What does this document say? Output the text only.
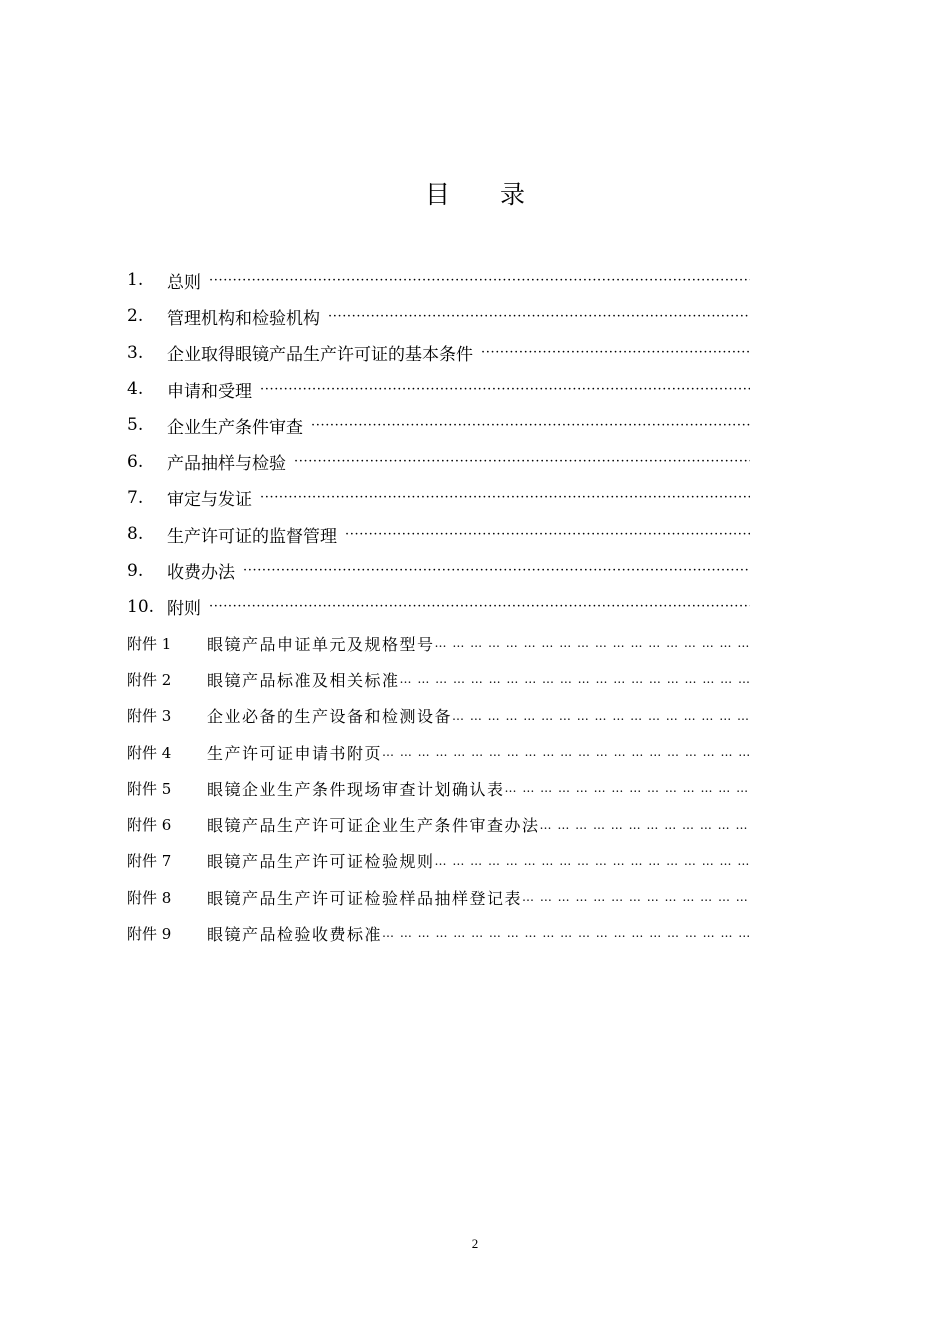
目录
1.	总则
·····
2.	管理机构和检验机构
·····
3.	企业取得眼镜产品生产许可证的基本条件
·····
4.	申请和受理
·····
5.	企业生产条件审查
·····
6.	产品抽样与检验
·····
7.	审定与发证
·····
8.	生产许可证的监督管理
·····
9.	收费办法
·····
10. 附则
·····
附件 1	眼镜产品申证单元及规格型号
… … … … … … … … … … … … … … … … … … … … … … … … … … … … … … … … … … … … …
附件 2	眼镜产品标准及相关标准
… … … … … … … … … … … … … … … … … … … … … … … … … … … … … … … … … … … … …
附件 3	企业必备的生产设备和检测设备
… … … … … … … … … … … … … … … … … … … … … … … … … … … … … … … … … … … … …
附件 4	生产许可证申请书附页
… … … … … … … … … … … … … … … … … … … … … … … … … … … … … … … … … … … … …
附件 5	眼镜企业生产条件现场审查计划确认表
… … … … … … … … … … … … … … … … … … … … … … … … … … … … … … … … … … … … …
附件 6	眼镜产品生产许可证企业生产条件审查办法
… … … … … … … … … … … … … … … … … … … … … … … … … … … … … … … … … … … … …
附件 7	眼镜产品生产许可证检验规则
… … … … … … … … … … … … … … … … … … … … … … … … … … … … … … … … … … … … …
附件 8	眼镜产品生产许可证检验样品抽样登记表
… … … … … … … … … … … … … … … … … … … … … … … … … … … … … … … … … … … … …
附件 9	眼镜产品检验收费标准
… … … … … … … … … … … … … … … … … … … … … … … … … … … … … … … … … … … … …
2
